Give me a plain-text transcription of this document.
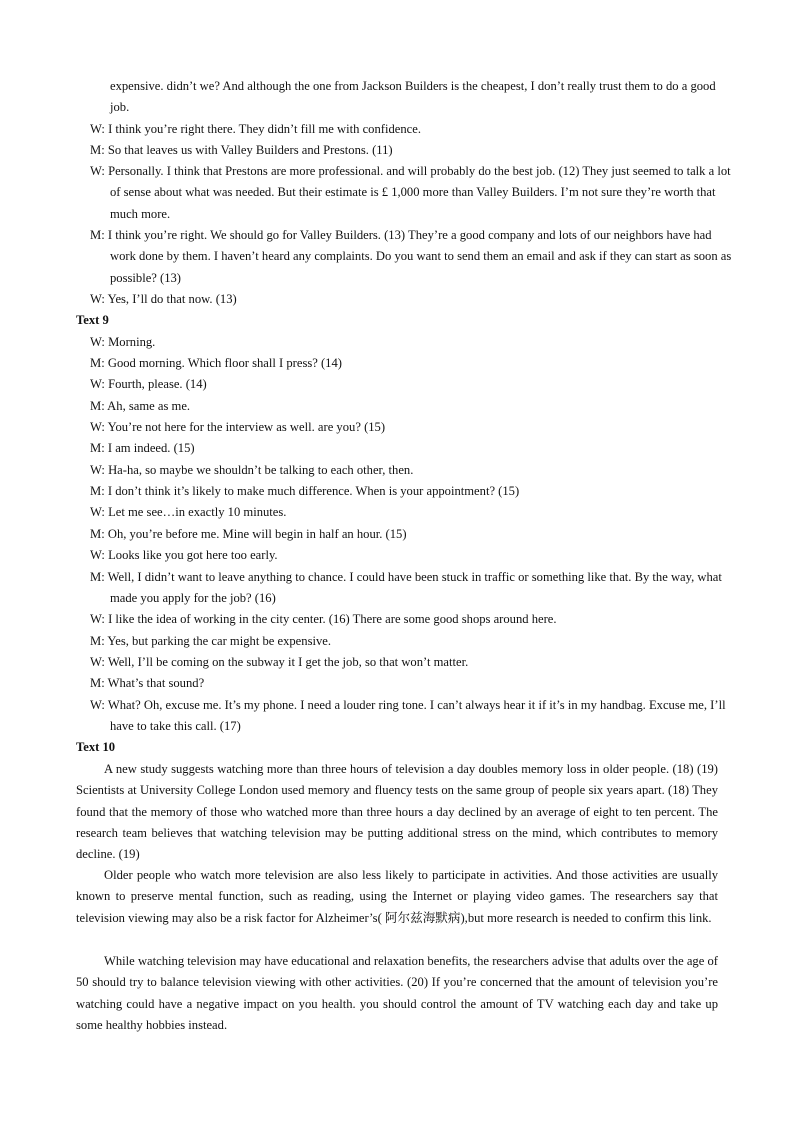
expensive. didn’t we? And although the one from Jackson Builders is the cheapest, I don’t really trust them to do a good job.

W: I think you’re right there. They didn’t fill me with confidence.

M: So that leaves us with Valley Builders and Prestons. (11)

W: Personally. I think that Prestons are more professional. and will probably do the best job. (12) They just seemed to talk a lot of sense about what was needed. But their estimate is £ 1,000 more than Valley Builders. I’m not sure they’re worth that much more.

M: I think you’re right. We should go for Valley Builders. (13) They’re a good company and lots of our neighbors have had work done by them. I haven’t heard any complaints. Do you want to send them an email and ask if they can start as soon as possible? (13)

W: Yes, I’ll do that now. (13)

Text 9

W: Morning.

M: Good morning. Which floor shall I press? (14)

W: Fourth, please. (14)

M: Ah, same as me.

W: You’re not here for the interview as well. are you? (15)

M: I am indeed. (15)

W: Ha-ha, so maybe we shouldn’t be talking to each other, then.

M: I don’t think it’s likely to make much difference. When is your appointment? (15)

W: Let me see…in exactly 10 minutes.

M: Oh, you’re before me. Mine will begin in half an hour. (15)

W: Looks like you got here too early.

M: Well, I didn’t want to leave anything to chance. I could have been stuck in traffic or something like that. By the way, what made you apply for the job? (16)

W: I like the idea of working in the city center. (16) There are some good shops around here.

M: Yes, but parking the car might be expensive.

W: Well, I’ll be coming on the subway it I get the job, so that won’t matter.

M: What’s that sound?

W: What? Oh, excuse me. It’s my phone. I need a louder ring tone. I can’t always hear it if it’s in my handbag. Excuse me, I’ll have to take this call. (17)

Text 10

A new study suggests watching more than three hours of television a day doubles memory loss in older people. (18) (19) Scientists at University College London used memory and fluency tests on the same group of people six years apart. (18) They found that the memory of those who watched more than three hours a day declined by an average of eight to ten percent. The research team believes that watching television may be putting additional stress on the mind, which contributes to memory decline. (19)

Older people who watch more television are also less likely to participate in activities. And those activities are usually known to preserve mental function, such as reading, using the Internet or playing video games. The researchers say that television viewing may also be a risk factor for Alzheimer’s( 阿尔兹海默病),but more research is needed to confirm this link.

While watching television may have educational and relaxation benefits, the researchers advise that adults over the age of 50 should try to balance television viewing with other activities. (20) If you’re concerned that the amount of television you’re watching could have a negative impact on you health. you should control the amount of TV watching each day and take up some healthy hobbies instead.
